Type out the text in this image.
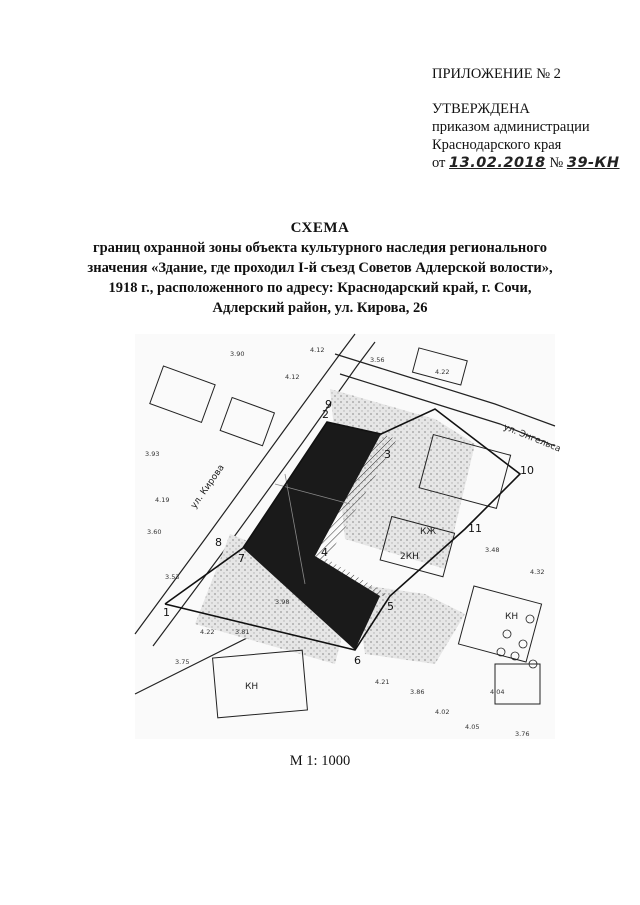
ПРИЛОЖЕНИЕ № 2
УТВЕРЖДЕНА
приказом администрации
Краснодарского края
от 13.02.2018 № 39-КН
СХЕМА
границ охранной зоны объекта культурного наследия регионального
значения «Здание, где проходил I-й съезд Советов Адлерской волости»,
1918 г., расположенного по адресу: Краснодарский край, г. Сочи,
Адлерский район, ул. Кирова, 26
1
2
3
4
5
6
7
8
9
10
11
ул. Кирова
ул. Энгельса
КЖ
2КН
КН
КН
3.90
3.93
4.12
3.56
4.19
3.53
4.02
4.05
4.04
3.76
4.22
3.75
4.12
3.60
4.22
4.32
3.98
3.48
4.21
3.81
3.86
М 1: 1000
